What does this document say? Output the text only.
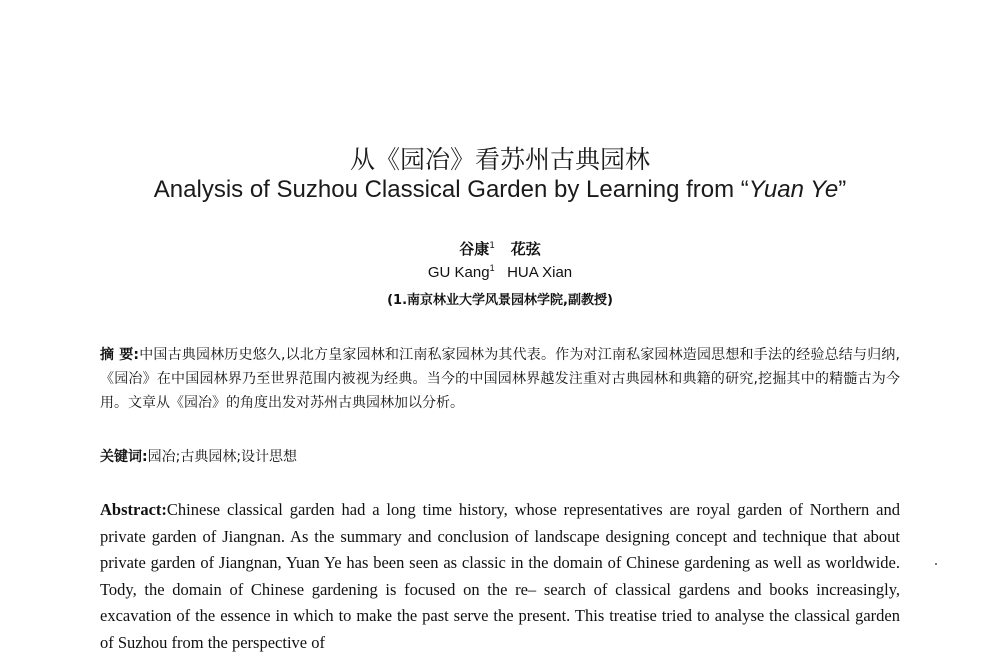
从《园冶》看苏州古典园林
Analysis of Suzhou Classical Garden by Learning from “Yuan Ye”
谷康$^1$ 花弦
GU Kang$^1$ HUA Xian
(1.南京林业大学风景园林学院,副教授)
摘 要:中国古典园林历史悠久,以北方皇家园林和江南私家园林为其代表。作为对江南私家园林造园思想和手法的经验总结与归纳,《园冶》在中国园林界乃至世界范围内被视为经典。当今的中国园林界越发注重对古典园林和典籍的研究,挖掘其中的精髓古为今用。文章从《园冶》的角度出发对苏州古典园林加以分析。
关键词:园冶;古典园林;设计思想
Abstract:Chinese classical garden had a long time history, whose representatives are royal garden of Northern and private garden of Jiangnan. As the summary and conclusion of landscape designing concept and technique that about private garden of Jiangnan, Yuan Ye has been seen as classic in the domain of Chinese gardening as well as worldwide. Tody, the domain of Chinese gardening is focused on the re– search of classical gardens and books increasingly, excavation of the essence in which to make the past serve the present. This treatise tried to analyse the classical garden of Suzhou from the perspective of
